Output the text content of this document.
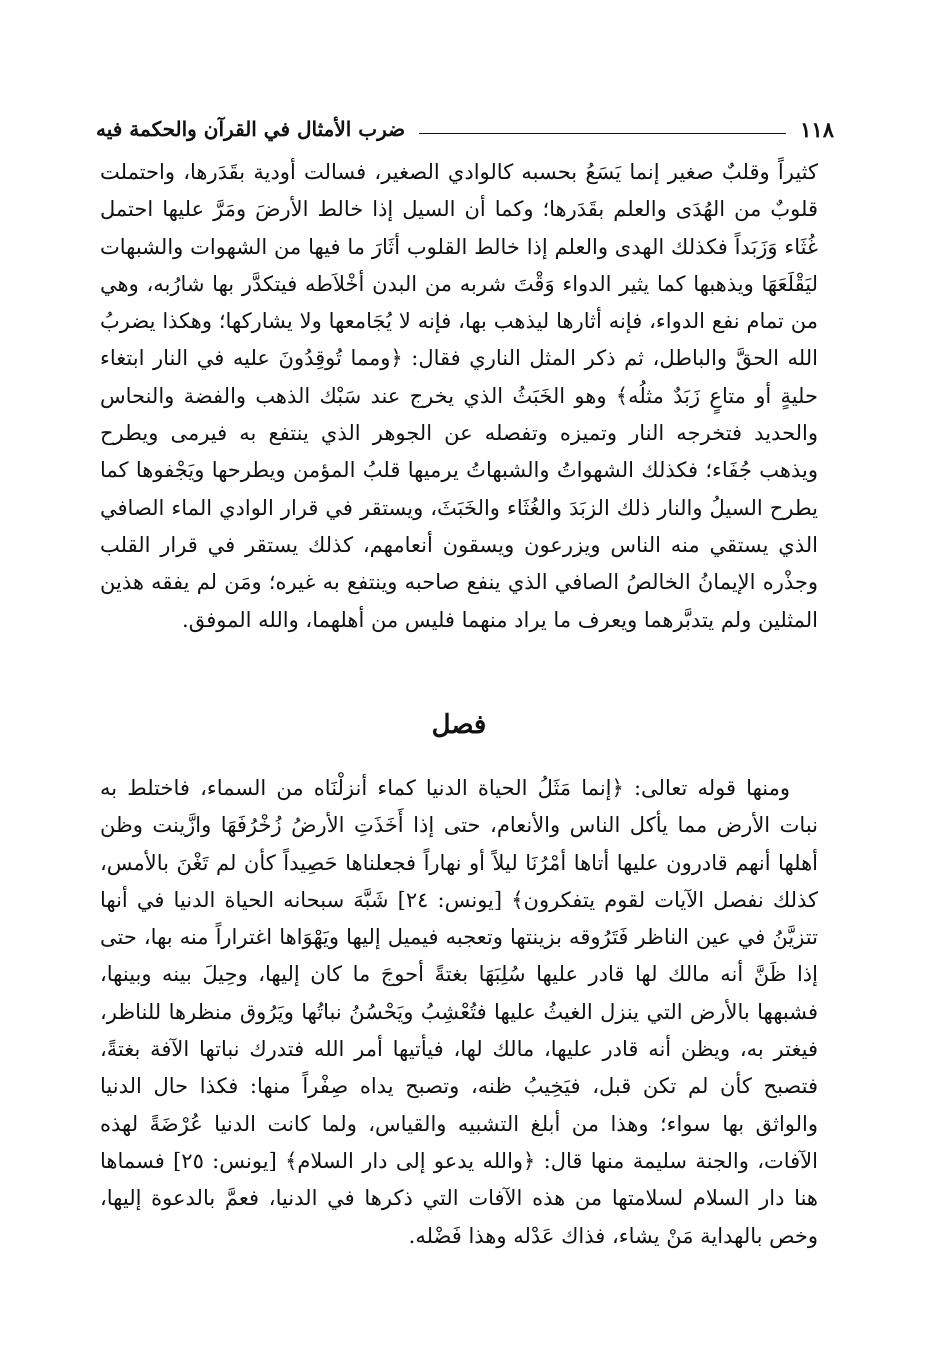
١١٨
ضرب الأمثال في القرآن والحكمة فيه

كثيراً وقلبٌ صغير إنما يَسَعُ بحسبه كالوادي الصغير، فسالت أودية بقَدَرها، واحتملت قلوبٌ من الهُدَى والعلم بقَدَرها؛ وكما أن السيل إذا خالط الأرضَ ومَرَّ عليها احتمل غُثَاء وَزَبَداً فكذلك الهدى والعلم إذا خالط القلوب أثَارَ ما فيها من الشهوات والشبهات ليَقْلَعَهَا ويذهبها كما يثير الدواء وَقْتَ شربه من البدن أخْلاَطه فيتكدَّر بها شارُبه، وهي من تمام نفع الدواء، فإنه أثارها ليذهب بها، فإنه لا يُجَامعها ولا يشاركها؛ وهكذا يضربُ الله الحقَّ والباطل، ثم ذكر المثل الناري فقال: ﴿ومما تُوقِدُونَ عليه في النار ابتغاء حليةٍ أو متاعٍ زَبَدٌ مثلُه﴾ وهو الخَبَثُ الذي يخرج عند سَبْك الذهب والفضة والنحاس والحديد فتخرجه النار وتميزه وتفصله عن الجوهر الذي ينتفع به فيرمى ويطرح ويذهب جُفَاء؛ فكذلك الشهواتُ والشبهاتُ يرميها قلبُ المؤمن ويطرحها ويَجْفوها كما يطرح السيلُ والنار ذلك الزبَدَ والغُثَاء والخَبَثَ، ويستقر في قرار الوادي الماء الصافي الذي يستقي منه الناس ويزرعون ويسقون أنعامهم، كذلك يستقر في قرار القلب وجذْره الإيمانُ الخالصُ الصافي الذي ينفع صاحبه وينتفع به غيره؛ ومَن لم يفقه هذين المثلين ولم يتدبَّرهما ويعرف ما يراد منهما فليس من أهلهما، والله الموفق.

فصل

ومنها قوله تعالى: ﴿إنما مَثَلُ الحياة الدنيا كماء أنزلْنَاه من السماء، فاختلط به نبات الأرض مما يأكل الناس والأنعام، حتى إذا أَخَذَتِ الأرضُ زُخْرُفَهَا وازَّينت وظن أهلها أنهم قادرون عليها أتاها أمْرُنَا ليلاً أو نهاراً فجعلناها حَصِيداً كأن لم تَغْنَ بالأمس، كذلك نفصل الآيات لقوم يتفكرون﴾ [يونس: ٢٤] شَبَّهَ سبحانه الحياة الدنيا في أنها تتزيَّنُ في عين الناظر فَتَرُوقه بزينتها وتعجبه فيميل إليها ويَهْوَاها اغتراراً منه بها، حتى إذا ظَنَّ أنه مالك لها قادر عليها سُلِبَهَا بغتةً أحوجَ ما كان إليها، وحِيلَ بينه وبينها، فشبهها بالأرض التي ينزل الغيثُ عليها فتُعْشِبُ ويَحْسُنُ نباتُها ويَرُوق منظرها للناظر، فيغتر به، ويظن أنه قادر عليها، مالك لها، فيأتيها أمر الله فتدرك نباتها الآفة بغتةً، فتصبح كأن لم تكن قبل، فيَخِيبُ ظنه، وتصبح يداه صِفْراً منها: فكذا حال الدنيا والواثق بها سواء؛ وهذا من أبلغ التشبيه والقياس، ولما كانت الدنيا عُرْضَةً لهذه الآفات، والجنة سليمة منها قال: ﴿والله يدعو إلى دار السلام﴾ [يونس: ٢٥] فسماها هنا دار السلام لسلامتها من هذه الآفات التي ذكرها في الدنيا، فعمَّ بالدعوة إليها، وخص بالهداية مَنْ يشاء، فذاك عَدْله وهذا فَضْله.
